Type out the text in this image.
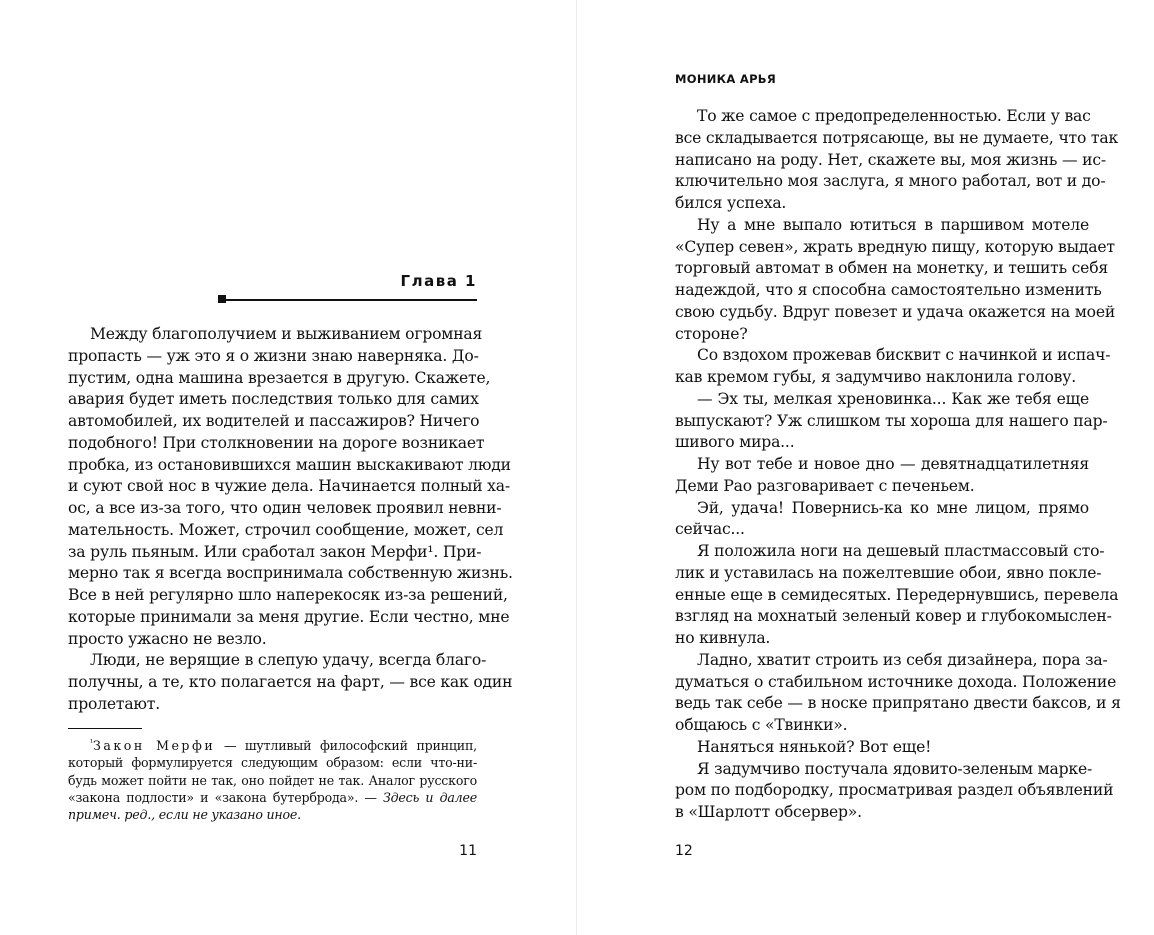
Глава 1
Между благополучием и выживанием огромная
пропасть — уж это я о жизни знаю наверняка. До-
пустим, одна машина врезается в другую. Скажете,
авария будет иметь последствия только для самих
автомобилей, их водителей и пассажиров? Ничего
подобного! При столкновении на дороге возникает
пробка, из остановившихся машин выскакивают люди
и суют свой нос в чужие дела. Начинается полный ха-
ос, а все из-за того, что один человек проявил невни-
мательность. Может, строчил сообщение, может, сел
за руль пьяным. Или сработал закон Мерфи¹. При-
мерно так я всегда воспринимала собственную жизнь.
Все в ней регулярно шло наперекосяк из-за решений,
которые принимали за меня другие. Если честно, мне
просто ужасно не везло.
Люди, не верящие в слепую удачу, всегда благо-
получны, а те, кто полагается на фарт, — все как один
пролетают.
$^{^1}$Закон Мерфи — шутливый философский принцип,
который формулируется следующим образом: если что-ни-
будь может пойти не так, оно пойдет не так. Аналог русского
«закона подлости» и «закона бутерброда». — Здесь и далее
примеч. ред., если не указано иное.
11
МОНИКА АРЬЯ
То же самое с предопределенностью. Если у вас
все складывается потрясающе, вы не думаете, что так
написано на роду. Нет, скажете вы, моя жизнь — ис-
ключительно моя заслуга, я много работал, вот и до-
бился успеха.
Ну а мне выпало ютиться в паршивом мотеле
«Супер севен», жрать вредную пищу, которую выдает
торговый автомат в обмен на монетку, и тешить себя
надеждой, что я способна самостоятельно изменить
свою судьбу. Вдруг повезет и удача окажется на моей
стороне?
Со вздохом прожевав бисквит с начинкой и испач-
кав кремом губы, я задумчиво наклонила голову.
— Эх ты, мелкая хреновинка... Как же тебя еще
выпускают? Уж слишком ты хороша для нашего пар-
шивого мира...
Ну вот тебе и новое дно — девятнадцатилетняя
Деми Рао разговаривает с печеньем.
Эй, удача! Повернись-ка ко мне лицом, прямо
сейчас...
Я положила ноги на дешевый пластмассовый сто-
лик и уставилась на пожелтевшие обои, явно покле-
енные еще в семидесятых. Передернувшись, перевела
взгляд на мохнатый зеленый ковер и глубокомыслен-
но кивнула.
Ладно, хватит строить из себя дизайнера, пора за-
думаться о стабильном источнике дохода. Положение
ведь так себе — в носке припрятано двести баксов, и я
общаюсь с «Твинки».
Наняться нянькой? Вот еще!
Я задумчиво постучала ядовито-зеленым марке-
ром по подбородку, просматривая раздел объявлений
в «Шарлотт обсервер».
12
